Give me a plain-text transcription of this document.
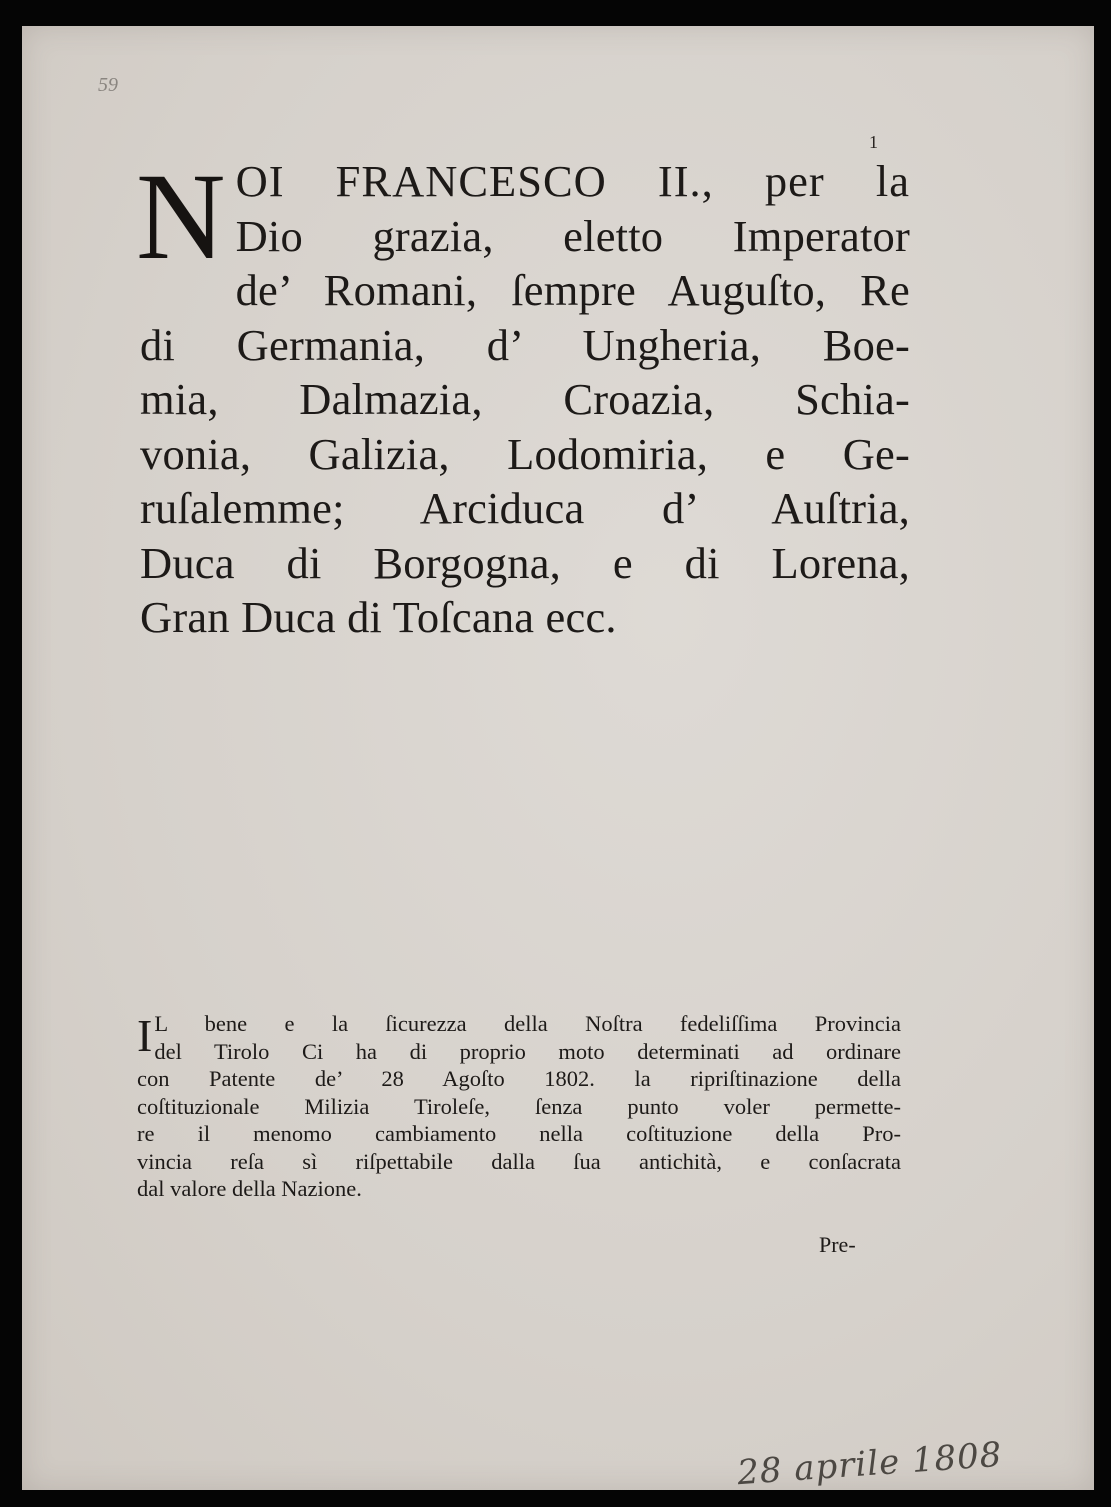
59
1
N OI FRANCESCO II., per la
Dio grazia, eletto Imperator
de’ Romani, ſempre Auguſto, Re
di Germania, d’ Ungheria, Boe-
mia, Dalmazia, Croazia, Schia-
vonia, Galizia, Lodomiria, e Ge-
ruſalemme; Arciduca d’ Auſtria,
Duca di Borgogna, e di Lorena,
Gran Duca di Toſcana ecc.
I L bene e la ſicurezza della Noſtra fedeliſſima Provincia
del Tirolo Ci ha di proprio moto determinati ad ordinare
con Patente de’ 28 Agoſto 1802. la ripriſtinazione della
coſtituzionale Milizia Tiroleſe, ſenza punto voler permette-
re il menomo cambiamento nella coſtituzione della Pro-
vincia reſa sì riſpettabile dalla ſua antichità, e conſacrata
dal valore della Nazione.
Pre-
28 aprile 1808
